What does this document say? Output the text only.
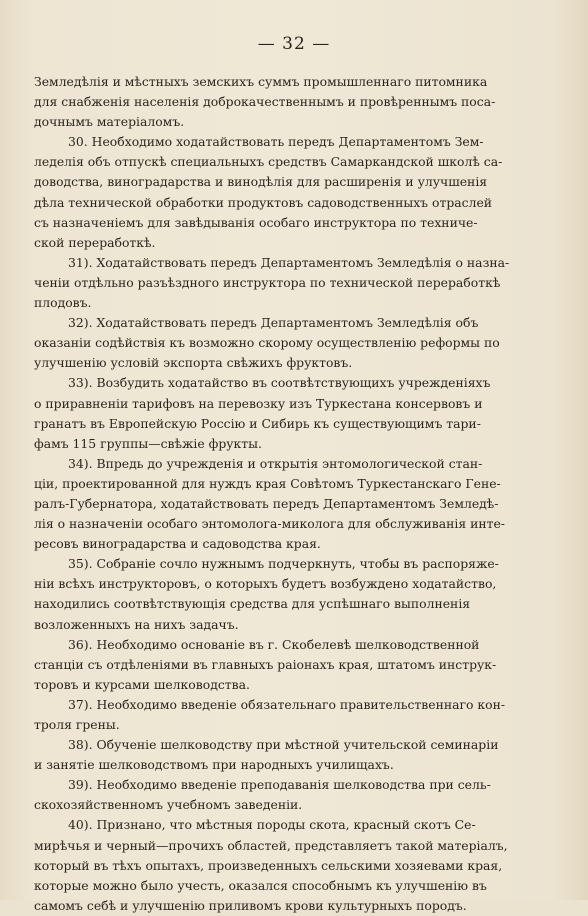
— 32 —
Земледѣлія и мѣстныхъ земскихъ суммъ промышленнаго питомника
для снабженія населенія доброкачественнымъ и провѣреннымъ поса-
дочнымъ матеріаломъ.
30. Необходимо ходатайствовать передъ Департаментомъ Зем-
леделія объ отпускѣ специальныхъ средствъ Самаркандской школѣ са-
доводства, виноградарства и винодѣлія для расширенія и улучшенія
дѣла технической обработки продуктовъ садоводственныхъ отраслей
съ назначеніемъ для завѣдыванія особаго инструктора по техниче-
ской переработкѣ.
31). Ходатайствовать передъ Департаментомъ Земледѣлія о назна-
ченіи отдѣльно разъѣздного инструктора по технической переработкѣ
плодовъ.
32). Ходатайствовать передъ Департаментомъ Земледѣлія объ
оказаніи содѣйствія къ возможно скорому осуществленію реформы по
улучшенію условій экспорта свѣжихъ фруктовъ.
33). Возбудить ходатайство въ соотвѣтствующихъ учрежденіяхъ
о приравненіи тарифовъ на перевозку изъ Туркестана консервовъ и
гранатъ въ Европейскую Россію и Сибирь къ существующимъ тари-
фамъ 115 группы—свѣжіе фрукты.
34). Впредь до учрежденія и открытія энтомологической стан-
ціи, проектированной для нуждъ края Совѣтомъ Туркестанскаго Гене-
ралъ-Губернатора, ходатайствовать передъ Департаментомъ Земледѣ-
лія о назначеніи особаго энтомолога-миколога для обслуживанія инте-
ресовъ виноградарства и садоводства края.
35). Собраніе сочло нужнымъ подчеркнуть, чтобы въ распоряже-
ніи всѣхъ инструкторовъ, о которыхъ будетъ возбуждено ходатайство,
находились соотвѣтствующія средства для успѣшнаго выполненія
возложенныхъ на нихъ задачъ.
36). Необходимо основаніе въ г. Скобелевѣ шелководственной
станціи съ отдѣленіями въ главныхъ раіонахъ края, штатомъ инструк-
торовъ и курсами шелководства.
37). Необходимо введеніе обязательнаго правительственнаго кон-
троля грены.
38). Обученіе шелководству при мѣстной учительской семинаріи
и занятіе шелководствомъ при народныхъ училищахъ.
39). Необходимо введеніе преподаванія шелководства при сель-
скохозяйственномъ учебномъ заведеніи.
40). Признано, что мѣстныя породы скота, красный скотъ Се-
мирѣчья и черный—прочихъ областей, представляетъ такой матеріалъ,
который въ тѣхъ опытахъ, произведенныхъ сельскими хозяевами края,
которые можно было учесть, оказался способнымъ къ улучшенію въ
самомъ себѣ и улучшенію приливомъ крови культурныхъ породъ.
